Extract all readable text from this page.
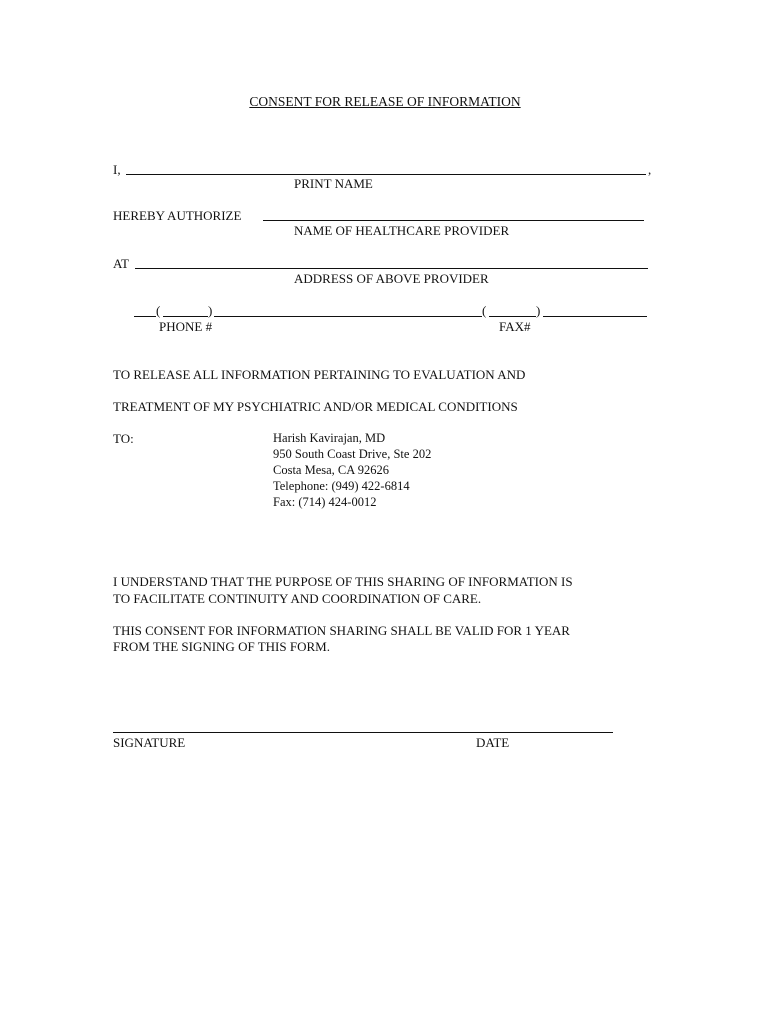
CONSENT FOR RELEASE OF INFORMATION
I,	,
PRINT NAME
HEREBY AUTHORIZE
NAME OF HEALTHCARE PROVIDER
AT
ADDRESS OF ABOVE PROVIDER
(	)	(	)
PHONE #	FAX#
TO RELEASE ALL INFORMATION PERTAINING TO EVALUATION AND
TREATMENT OF MY PSYCHIATRIC AND/OR MEDICAL CONDITIONS
TO:	Harish Kavirajan, MD
950 South Coast Drive, Ste 202
Costa Mesa, CA 92626
Telephone: (949) 422-6814
Fax: (714) 424-0012
I UNDERSTAND THAT THE PURPOSE OF THIS SHARING OF INFORMATION IS
TO FACILITATE CONTINUITY AND COORDINATION OF CARE.
THIS CONSENT FOR INFORMATION SHARING SHALL BE VALID FOR 1 YEAR
FROM THE SIGNING OF THIS FORM.
SIGNATURE	DATE
